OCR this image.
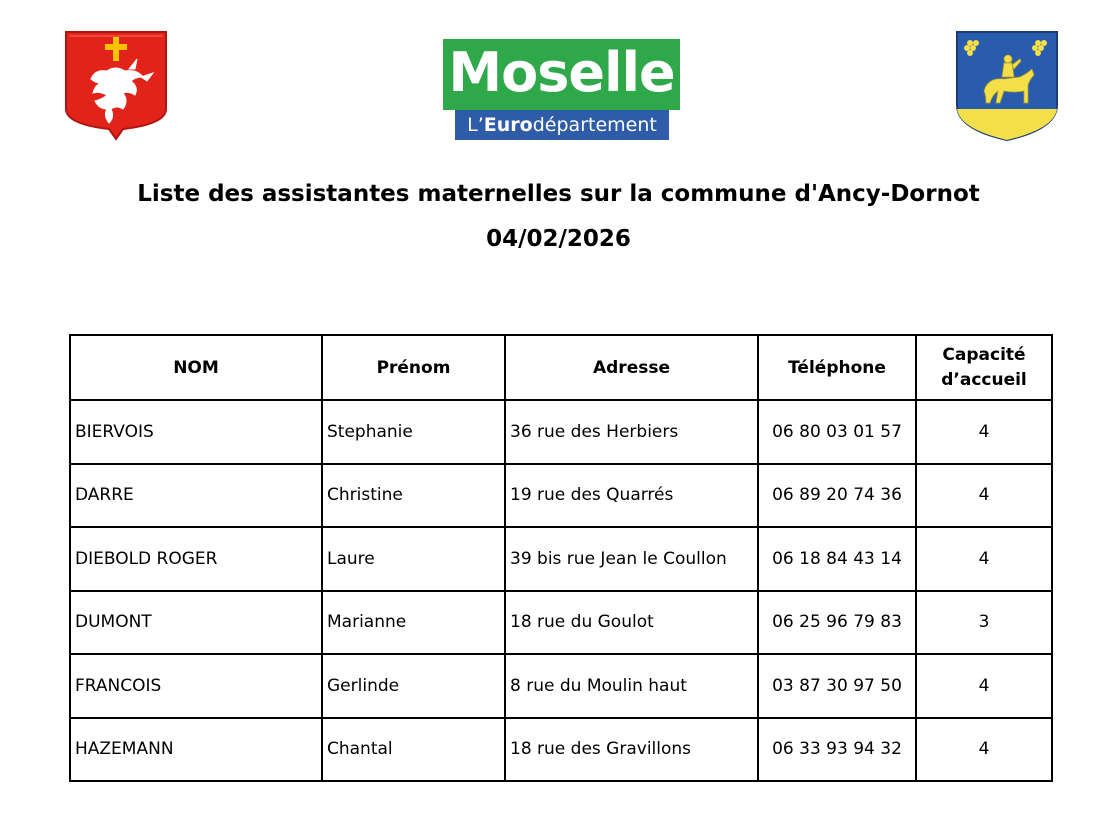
Moselle
L’Eurodépartement
Liste des assistantes maternelles sur la commune d'Ancy-Dornot
04/02/2026
NOM	Prénom	Adresse	Téléphone	Capacité
d’accueil
BIERVOIS	Stephanie	36 rue des Herbiers	06 80 03 01 57	4
DARRE	Christine	19 rue des Quarrés	06 89 20 74 36	4
DIEBOLD ROGER	Laure	39 bis rue Jean le Coullon	06 18 84 43 14	4
DUMONT	Marianne	18 rue du Goulot	06 25 96 79 83	3
FRANCOIS	Gerlinde	8 rue du Moulin haut	03 87 30 97 50	4
HAZEMANN	Chantal	18 rue des Gravillons	06 33 93 94 32	4
